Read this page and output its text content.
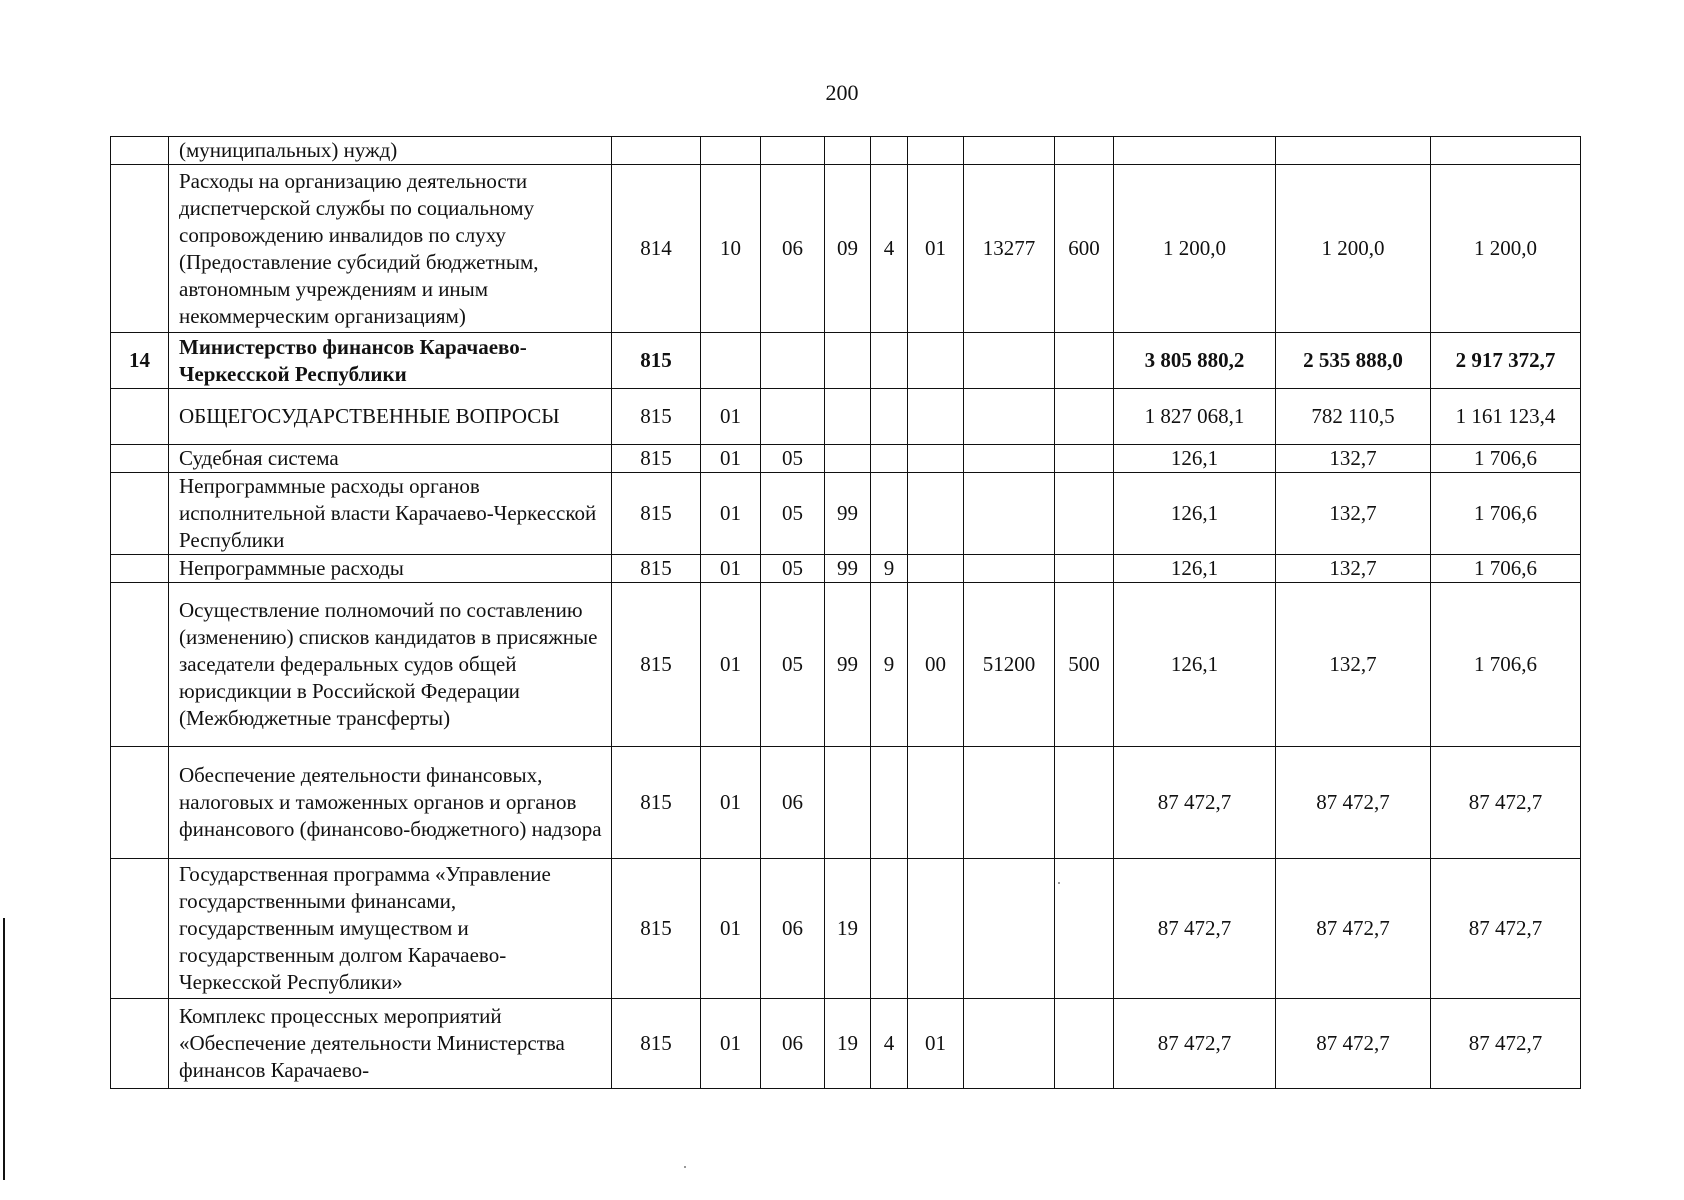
200
	(муниципальных) нужд)											
	Расходы на организацию деятельности диспетчерской службы по социальному сопровождению инвалидов по слуху (Предоставление субсидий бюджетным, автономным учреждениям и иным некоммерческим организациям)	814	10	06	09	4	01	13277	600	1 200,0	1 200,0	1 200,0
14	Министерство финансов Карачаево-Черкесской Республики	815								3 805 880,2	2 535 888,0	2 917 372,7
	ОБЩЕГОСУДАРСТВЕННЫЕ ВОПРОСЫ	815	01							1 827 068,1	782 110,5	1 161 123,4
	Судебная система	815	01	05						126,1	132,7	1 706,6
	Непрограммные расходы органов исполнительной власти Карачаево-Черкесской Республики	815	01	05	99					126,1	132,7	1 706,6
	Непрограммные расходы	815	01	05	99	9				126,1	132,7	1 706,6
	Осуществление полномочий по составлению (изменению) списков кандидатов в присяжные заседатели федеральных судов общей юрисдикции в Российской Федерации (Межбюджетные трансферты)	815	01	05	99	9	00	51200	500	126,1	132,7	1 706,6
	Обеспечение деятельности финансовых, налоговых и таможенных органов и органов финансового (финансово-бюджетного) надзора	815	01	06						87 472,7	87 472,7	87 472,7
	Государственная программа «Управление государственными финансами, государственным имуществом и государственным долгом Карачаево-Черкесской Республики»	815	01	06	19					87 472,7	87 472,7	87 472,7
	Комплекс процессных мероприятий «Обеспечение деятельности Министерства финансов Карачаево-	815	01	06	19	4	01			87 472,7	87 472,7	87 472,7
